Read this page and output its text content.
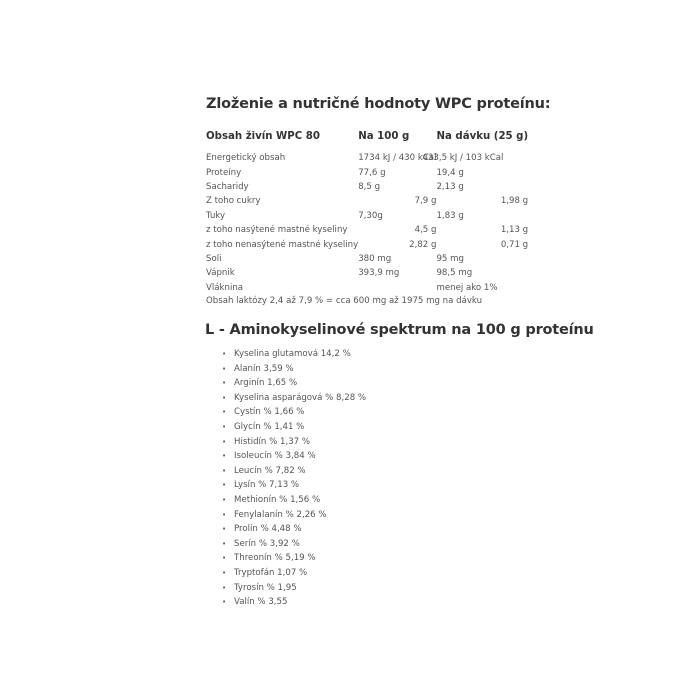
Zloženie a nutričné hodnoty WPC proteínu:
Obsah živín WPC 80	Na 100 g	Na dávku (25 g)
Energetický obsah	1734 kJ / 430 kCal	433,5 kJ / 103 kCal
Proteíny	77,6 g	19,4 g
Sacharidy	8,5 g	2,13 g
Z toho cukry	7,9 g	1,98 g
Tuky	7,30g	1,83 g
z toho nasýtené mastné kyseliny	4,5 g	1,13 g
z toho nenasýtené mastné kyseliny	2,82 g	0,71 g
Soli	380 mg	95 mg
Vápnik	393,9 mg	98,5 mg
Vláknina		menej ako 1%
Obsah laktózy 2,4 až 7,9 % = cca 600 mg až 1975 mg na dávku
L - Aminokyselinové spektrum na 100 g proteínu
• Kyselina glutamová 14,2 %
• Alanín 3,59 %
• Arginín 1,65 %
• Kyselina asparágová % 8,28 %
• Cystín % 1,66 %
• Glycín % 1,41 %
• Histidín % 1,37 %
• Isoleucín % 3,84 %
• Leucín % 7,82 %
• Lysín % 7,13 %
• Methionín % 1,56 %
• Fenylalanín % 2,26 %
• Prolín % 4,48 %
• Serín % 3,92 %
• Threonín % 5,19 %
• Tryptofán 1,07 %
• Tyrosín % 1,95
• Valín % 3,55
